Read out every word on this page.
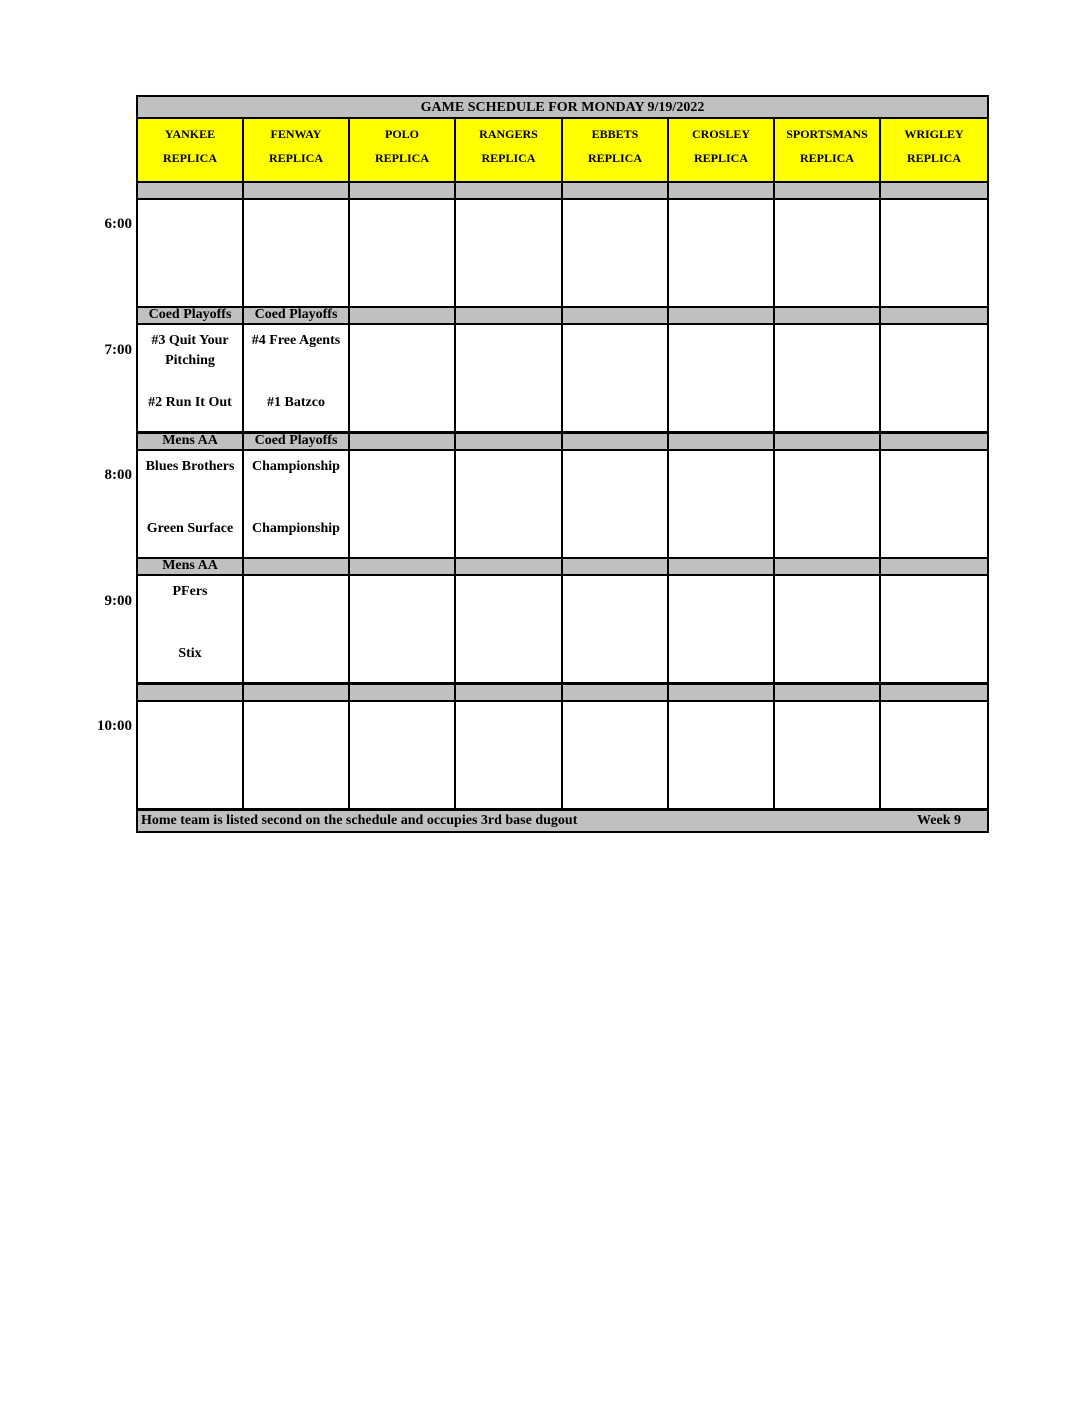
GAME SCHEDULE FOR MONDAY 9/19/2022
YANKEE
REPLICA
FENWAY
REPLICA
POLO
REPLICA
RANGERS
REPLICA
EBBETS
REPLICA
CROSLEY
REPLICA
SPORTSMANS
REPLICA
WRIGLEY
REPLICA
Coed Playoffs
#3 Quit Your Pitching
#2 Run It Out
Coed Playoffs
#4 Free Agents
#1 Batzco
Mens AA
Blues Brothers
Green Surface
Coed Playoffs
Championship
Championship
Mens AA
PFers
Stix
Home team is listed second on the schedule and occupies 3rd base dugout	Week 9
6:00
7:00
8:00
9:00
10:00
